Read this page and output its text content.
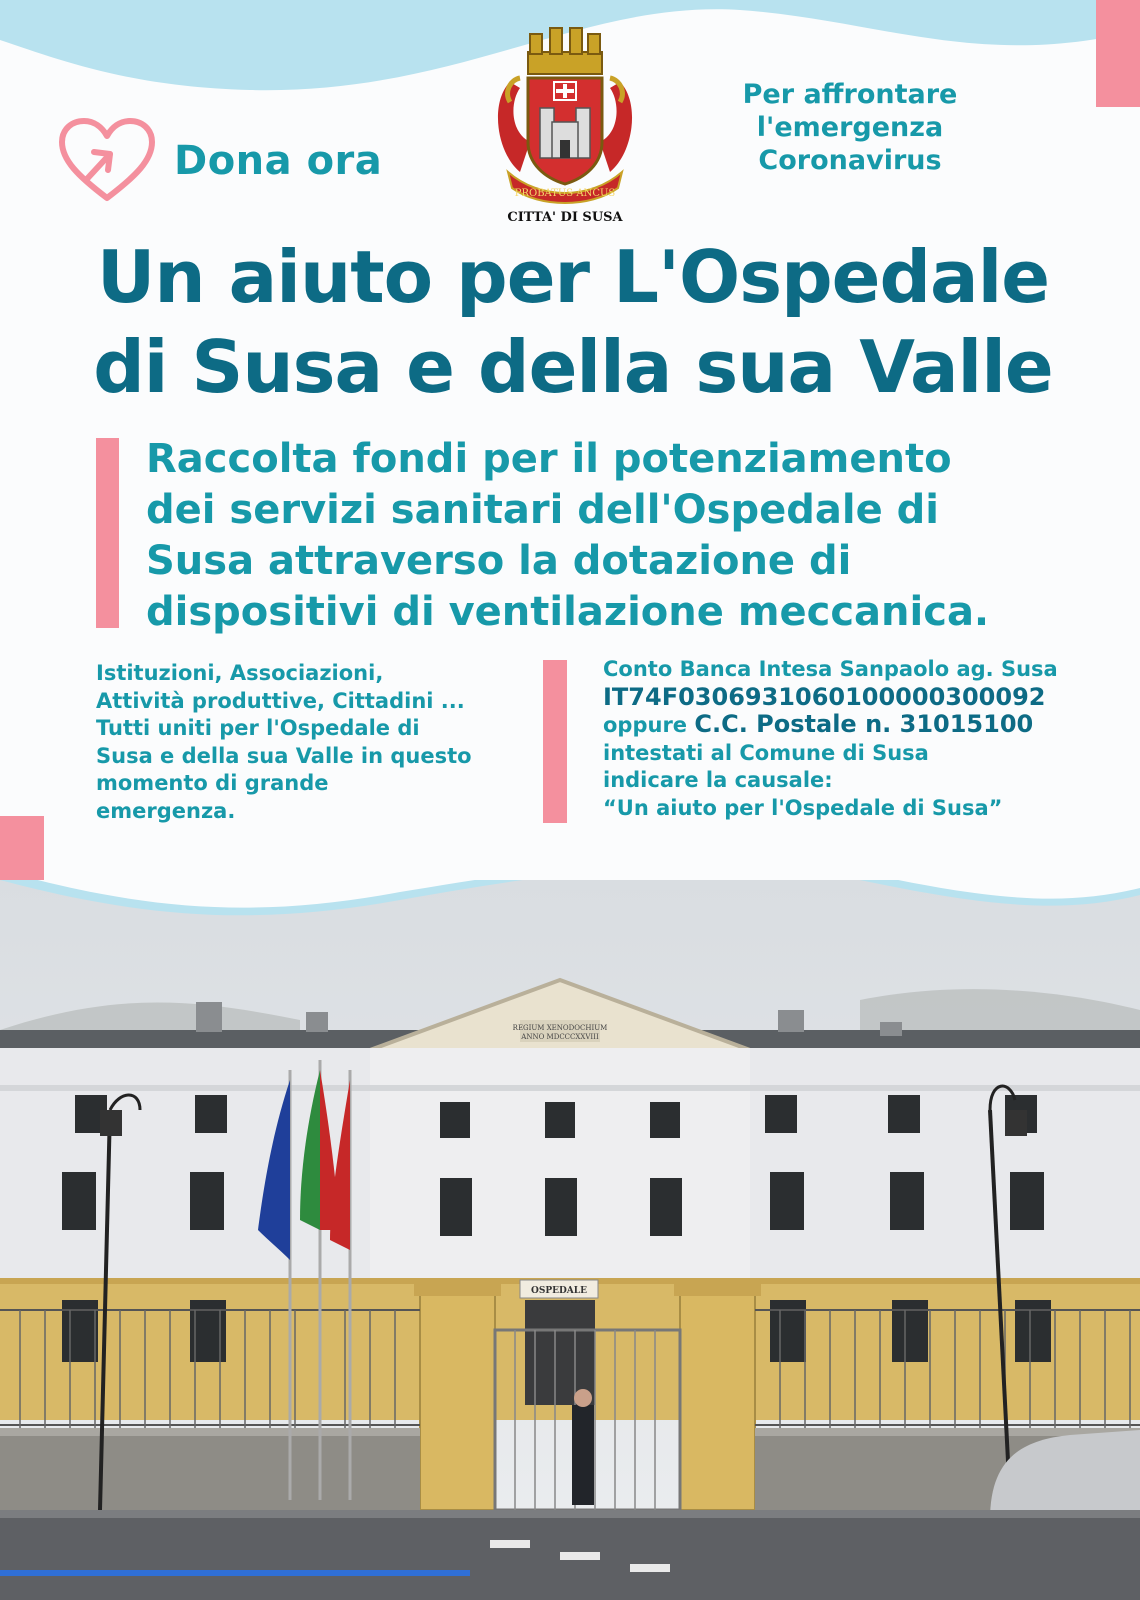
Dona ora
PROBATUS ANCUS
CITTA' DI SUSA
Per affrontare
l'emergenza
Coronavirus
Un aiuto per L'Ospedale
di Susa e della sua Valle
Raccolta fondi per il potenziamento
dei servizi sanitari dell'Ospedale di
Susa attraverso la dotazione di
dispositivi di ventilazione meccanica.
Istituzioni, Associazioni,
Attività produttive, Cittadini ...
Tutti uniti per l'Ospedale di
Susa e della sua Valle in questo
momento di grande
emergenza.
Conto Banca Intesa Sanpaolo ag. Susa
IT74F0306931060100000300092
oppure C.C. Postale n. 31015100
intestati al Comune di Susa
indicare la causale:
“Un aiuto per l'Ospedale di Susa”
REGIUM XENODOCHIUM
ANNO MDCCCXXVIII
OSPEDALE
